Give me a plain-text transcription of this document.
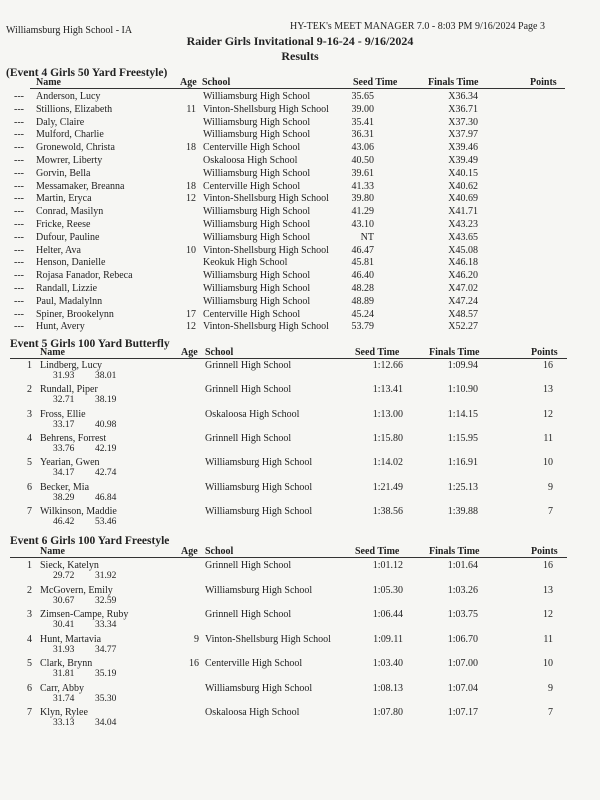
Williamsburg High School - IA	HY-TEK's MEET MANAGER 7.0 - 8:03 PM 9/16/2024 Page 3
Raider Girls Invitational 9-16-24 - 9/16/2024
Results
(Event 4 Girls 50 Yard Freestyle)
Name	Age School	Seed Time	Finals Time	Points
--- Anderson, Lucy	Williamsburg High School	35.65	X36.34
--- Stillions, Elizabeth	11 Vinton-Shellsburg High School 39.00	X36.71
--- Daly, Claire	Williamsburg High School	35.41	X37.30
--- Mulford, Charlie	Williamsburg High School	36.31	X37.97
--- Gronewold, Christa	18 Centerville High School	43.06	X39.46
--- Mowrer, Liberty	Oskaloosa High School	40.50	X39.49
--- Gorvin, Bella	Williamsburg High School	39.61	X40.15
--- Messamaker, Breanna	18 Centerville High School	41.33	X40.62
--- Martin, Eryca	12 Vinton-Shellsburg High School 39.80	X40.69
--- Conrad, Masilyn	Williamsburg High School	41.29	X41.71
--- Fricke, Reese	Williamsburg High School	43.10	X43.23
--- Dufour, Pauline	Williamsburg High School	NT	X43.65
--- Helter, Ava	10 Vinton-Shellsburg High School 46.47	X45.08
--- Henson, Danielle	Keokuk High School	45.81	X46.18
--- Rojasa Fanador, Rebeca	Williamsburg High School	46.40	X46.20
--- Randall, Lizzie	Williamsburg High School	48.28	X47.02
--- Paul, Madalylnn	Williamsburg High School	48.89	X47.24
--- Spiner, Brookelynn	17 Centerville High School	45.24	X48.57
--- Hunt, Avery	12 Vinton-Shellsburg High School 53.79	X52.27
Event 5 Girls 100 Yard Butterfly
Name	Age School	Seed Time	Finals Time	Points
1 Lindberg, Lucy	Grinnell High School	1:12.66	1:09.94	16
31.93 38.01
2 Rundall, Piper	Grinnell High School	1:13.41	1:10.90	13
32.71 38.19
3 Fross, Ellie	Oskaloosa High School	1:13.00	1:14.15	12
33.17 40.98
4 Behrens, Forrest	Grinnell High School	1:15.80	1:15.95	11
33.76 42.19
5 Yearian, Gwen	Williamsburg High School	1:14.02	1:16.91	10
34.17 42.74
6 Becker, Mia	Williamsburg High School	1:21.49	1:25.13	9
38.29 46.84
7 Wilkinson, Maddie	Williamsburg High School	1:38.56	1:39.88	7
46.42 53.46
Event 6 Girls 100 Yard Freestyle
Name	Age School	Seed Time	Finals Time	Points
1 Sieck, Katelyn	Grinnell High School	1:01.12	1:01.64	16
29.72 31.92
2 McGovern, Emily	Williamsburg High School	1:05.30	1:03.26	13
30.67 32.59
3 Zimsen-Campe, Ruby	Grinnell High School	1:06.44	1:03.75	12
30.41 33.34
4 Hunt, Martavia	9 Vinton-Shellsburg High School	1:09.11	1:06.70	11
31.93 34.77
5 Clark, Brynn	16 Centerville High School	1:03.40	1:07.00	10
31.81 35.19
6 Carr, Abby	Williamsburg High School	1:08.13	1:07.04	9
31.74 35.30
7 Klyn, Rylee	Oskaloosa High School	1:07.80	1:07.17	7
33.13 34.04
